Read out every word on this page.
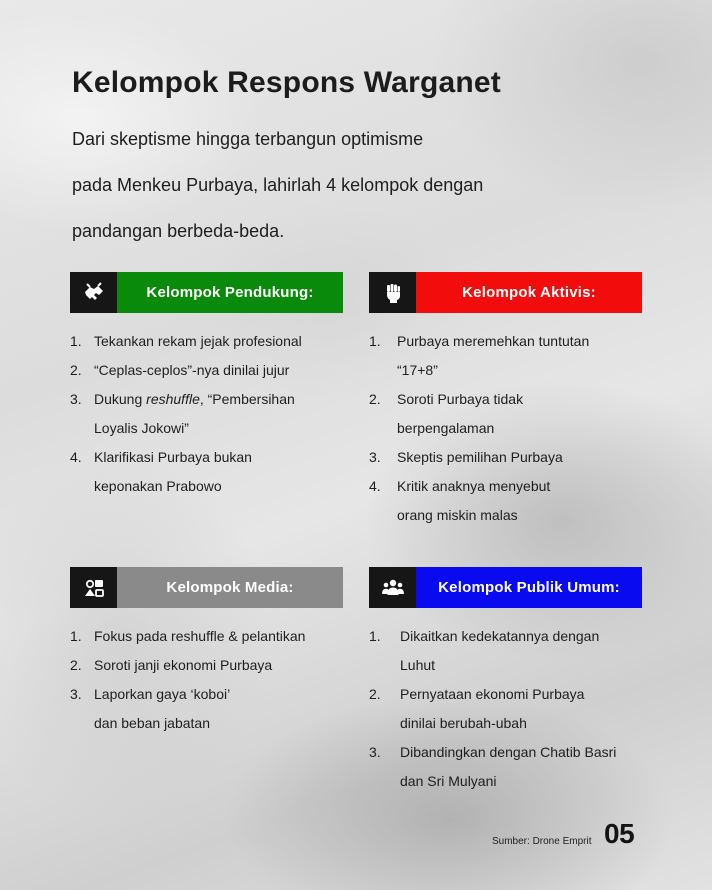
Kelompok Respons Warganet
Dari skeptisme hingga terbangun optimisme
pada Menkeu Purbaya, lahirlah 4 kelompok dengan
pandangan berbeda-beda.
Kelompok Pendukung:
1. Tekankan rekam jejak profesional
2. “Ceplas-ceplos”-nya dinilai jujur
3. Dukung reshuffle, “Pembersihan
Loyalis Jokowi”
4. Klarifikasi Purbaya bukan
keponakan Prabowo
Kelompok Aktivis:
1. Purbaya meremehkan tuntutan
“17+8”
2. Soroti Purbaya tidak
berpengalaman
3. Skeptis pemilihan Purbaya
4. Kritik anaknya menyebut
orang miskin malas
Kelompok Media:
1. Fokus pada reshuffle & pelantikan
2. Soroti janji ekonomi Purbaya
3. Laporkan gaya ‘koboi’
dan beban jabatan
Kelompok Publik Umum:
1. Dikaitkan kedekatannya dengan
Luhut
2. Pernyataan ekonomi Purbaya
dinilai berubah-ubah
3. Dibandingkan dengan Chatib Basri
dan Sri Mulyani
Sumber: Drone Emprit 05
